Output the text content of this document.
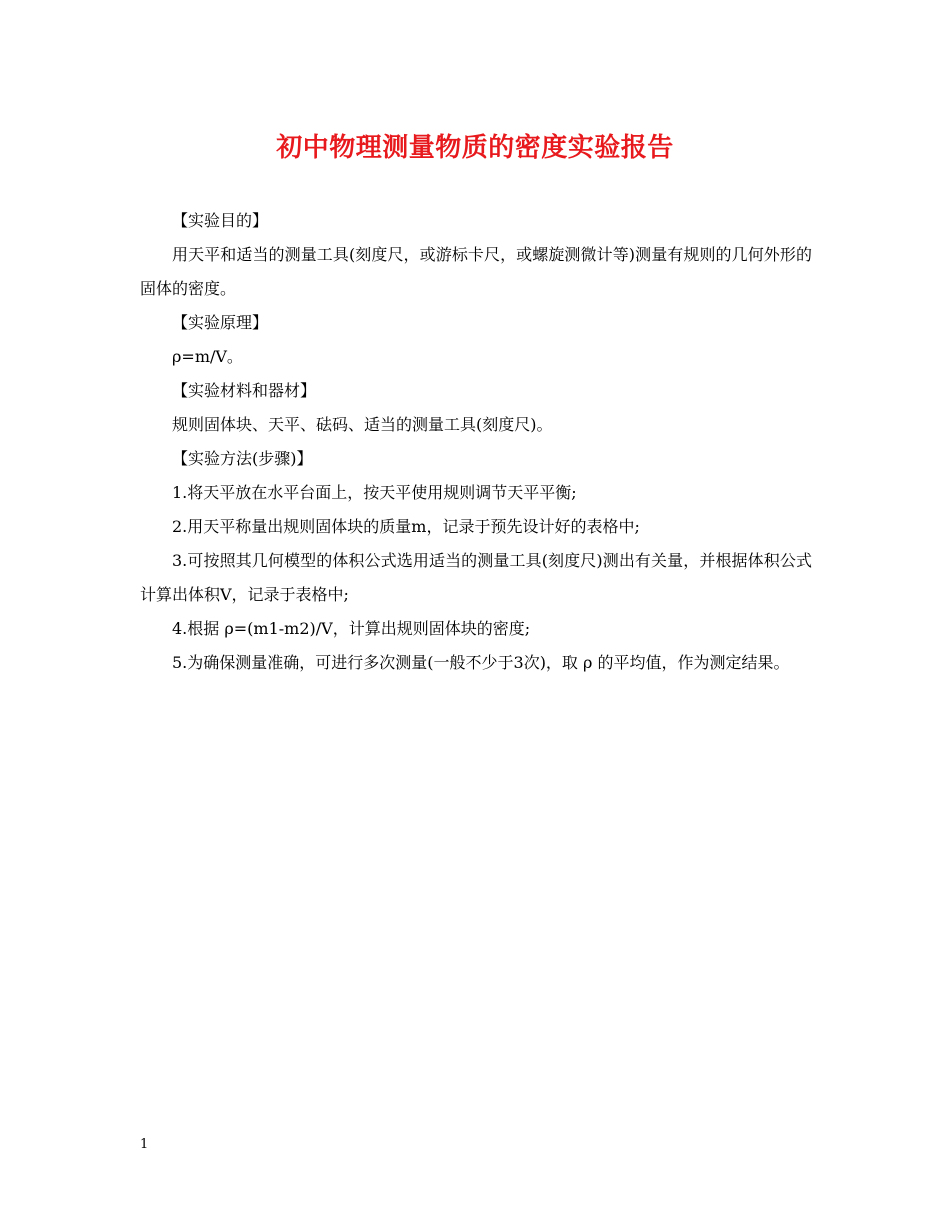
初中物理测量物质的密度实验报告

【实验目的】

用天平和适当的测量工具(刻度尺，或游标卡尺，或螺旋测微计等)测量有规则的几何外形的固体的密度。

【实验原理】

ρ=m/V。

【实验材料和器材】

规则固体块、天平、砝码、适当的测量工具(刻度尺)。

【实验方法(步骤)】

1.将天平放在水平台面上，按天平使用规则调节天平平衡;

2.用天平称量出规则固体块的质量m，记录于预先设计好的表格中;

3.可按照其几何模型的体积公式选用适当的测量工具(刻度尺)测出有关量，并根据体积公式计算出体积V，记录于表格中;

4.根据 ρ=(m1-m2)/V，计算出规则固体块的密度;

5.为确保测量准确，可进行多次测量(一般不少于3次)，取 ρ 的平均值，作为测定结果。

1
